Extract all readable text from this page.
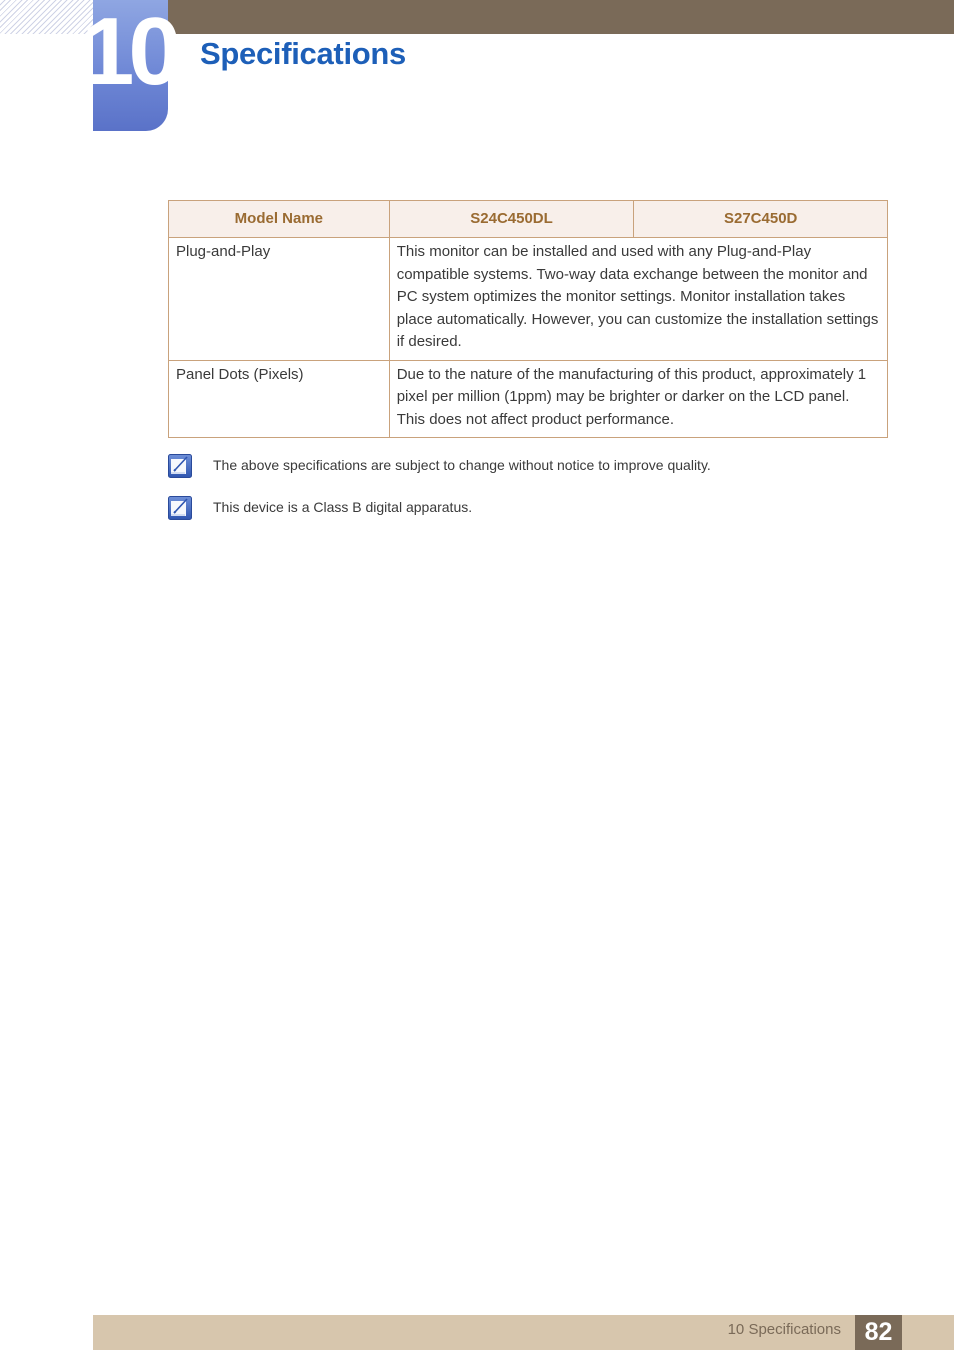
10 Specifications
Model Name	S24C450DL	S27C450D
Plug-and-Play	This monitor can be installed and used with any Plug-and-Play compatible systems. Two-way data exchange between the monitor and PC system optimizes the monitor settings. Monitor installation takes place automatically. However, you can customize the installation settings if desired.	
Panel Dots (Pixels)	Due to the nature of the manufacturing of this product, approximately 1 pixel per million (1ppm) may be brighter or darker on the LCD panel. This does not affect product performance.	
The above specifications are subject to change without notice to improve quality.
This device is a Class B digital apparatus.
10 Specifications 82
